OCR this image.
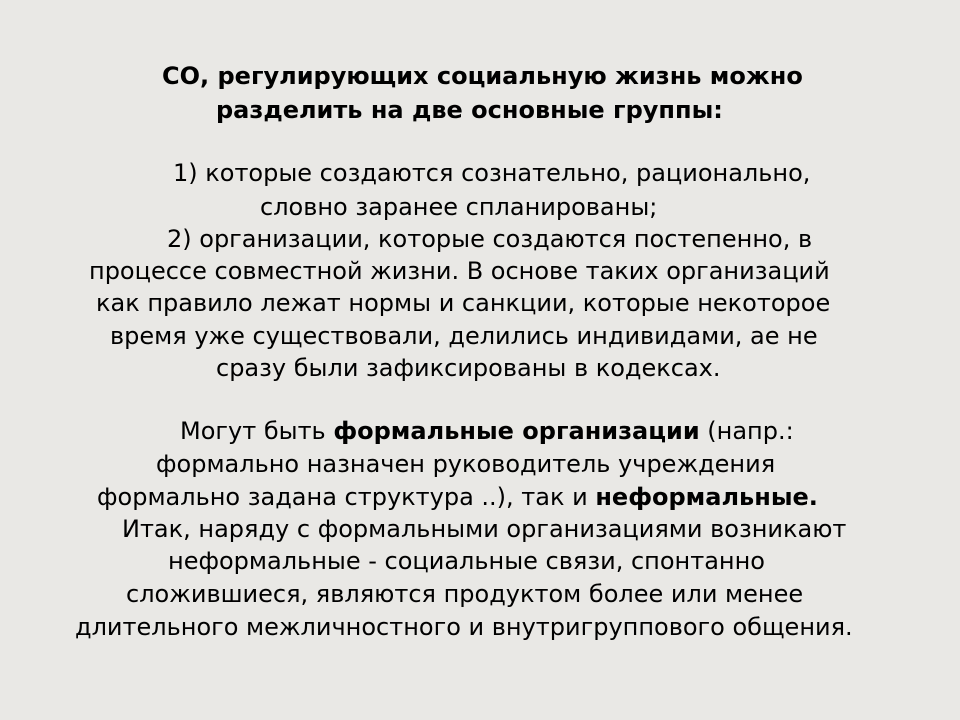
СО, регулирующих социальную жизнь можно
разделить на две основные группы:
1) которые создаются сознательно, рационально,
словно заранее спланированы;
2) организации, которые создаются постепенно, в
процессе совместной жизни. В основе таких организаций
как правило лежат нормы и санкции, которые некоторое
время уже существовали, делились индивидами, ае не
сразу были зафиксированы в кодексах.
Могут быть формальные организации (напр.:
формально назначен руководитель учреждения
формально задана структура ..), так и неформальные.
Итак, наряду с формальными организациями возникают
неформальные - социальные связи, спонтанно
сложившиеся, являются продуктом более или менее
длительного межличностного и внутригруппового общения.
